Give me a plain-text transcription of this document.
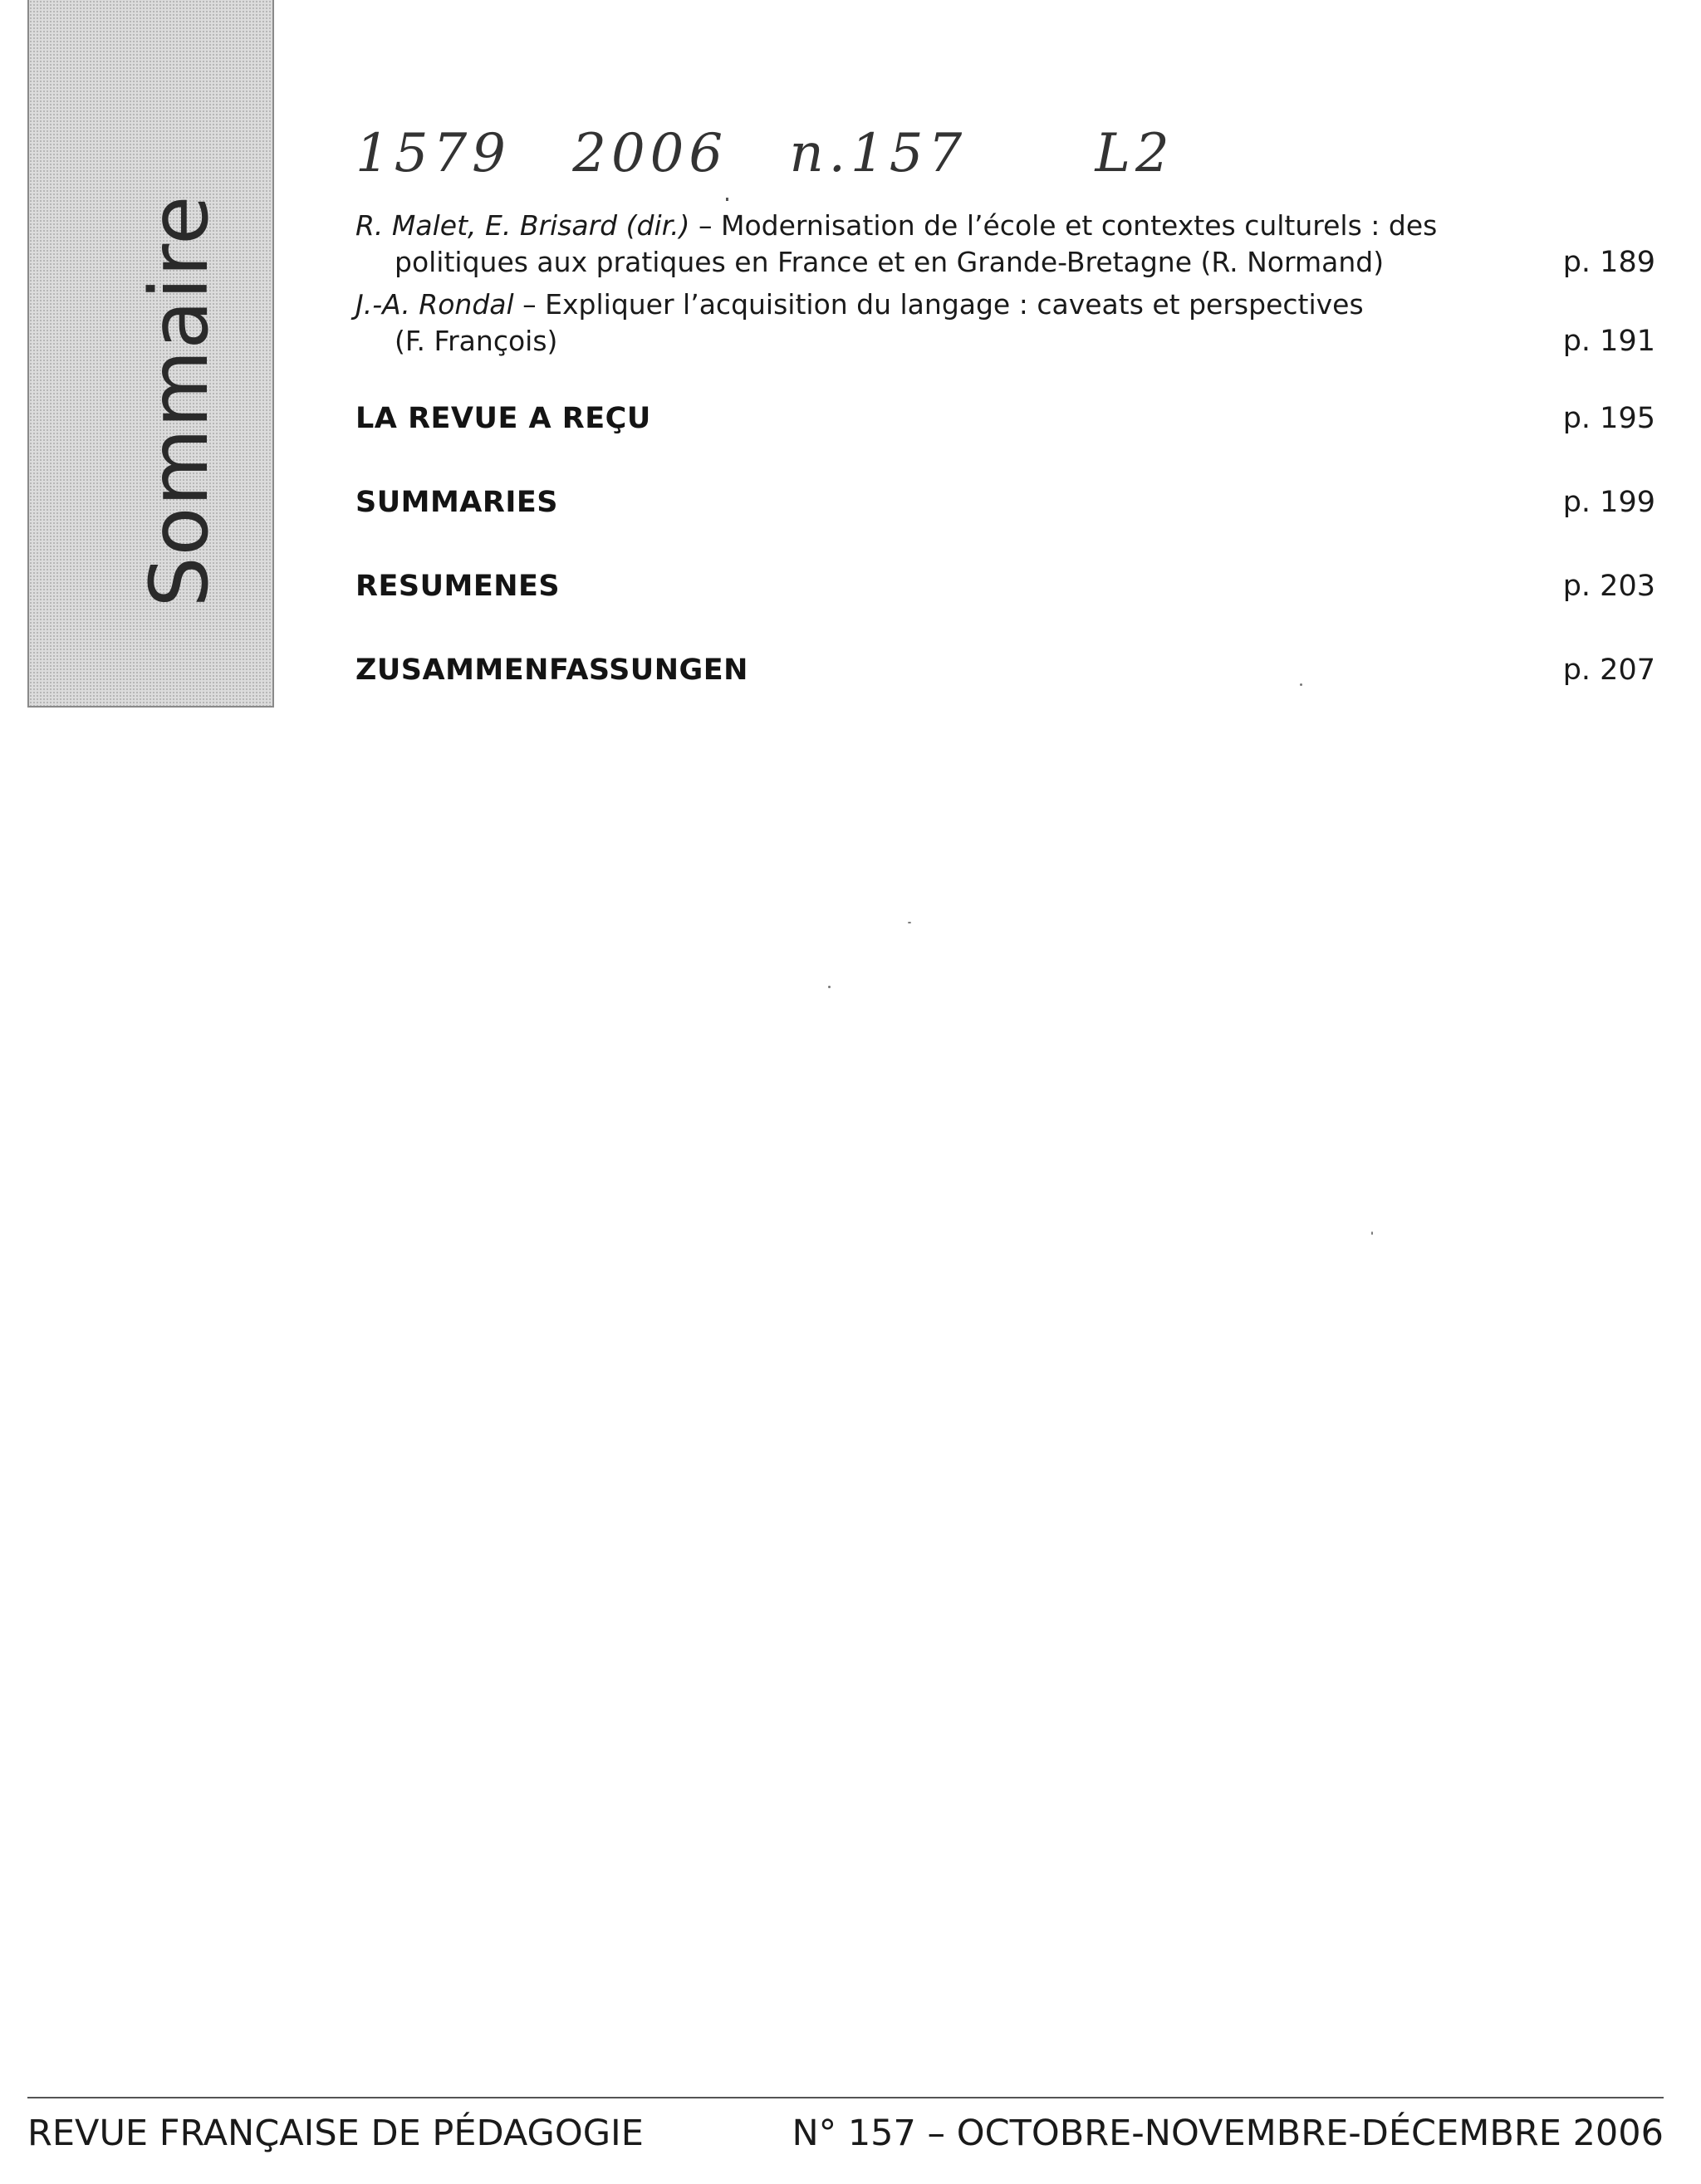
Sommaire
1579 2006 n.157 L2
R. Malet, E. Brisard (dir.) – Modernisation de l’école et contextes culturels : des
politiques aux pratiques en France et en Grande-Bretagne (R. Normand)	p. 189
J.-A. Rondal – Expliquer l’acquisition du langage : caveats et perspectives
(F. François)	p. 191
LA REVUE A REÇU	p. 195
SUMMARIES	p. 199
RESUMENES	p. 203
ZUSAMMENFASSUNGEN	p. 207
REVUE FRANÇAISE DE PÉDAGOGIE	N° 157 – OCTOBRE-NOVEMBRE-DÉCEMBRE 2006
